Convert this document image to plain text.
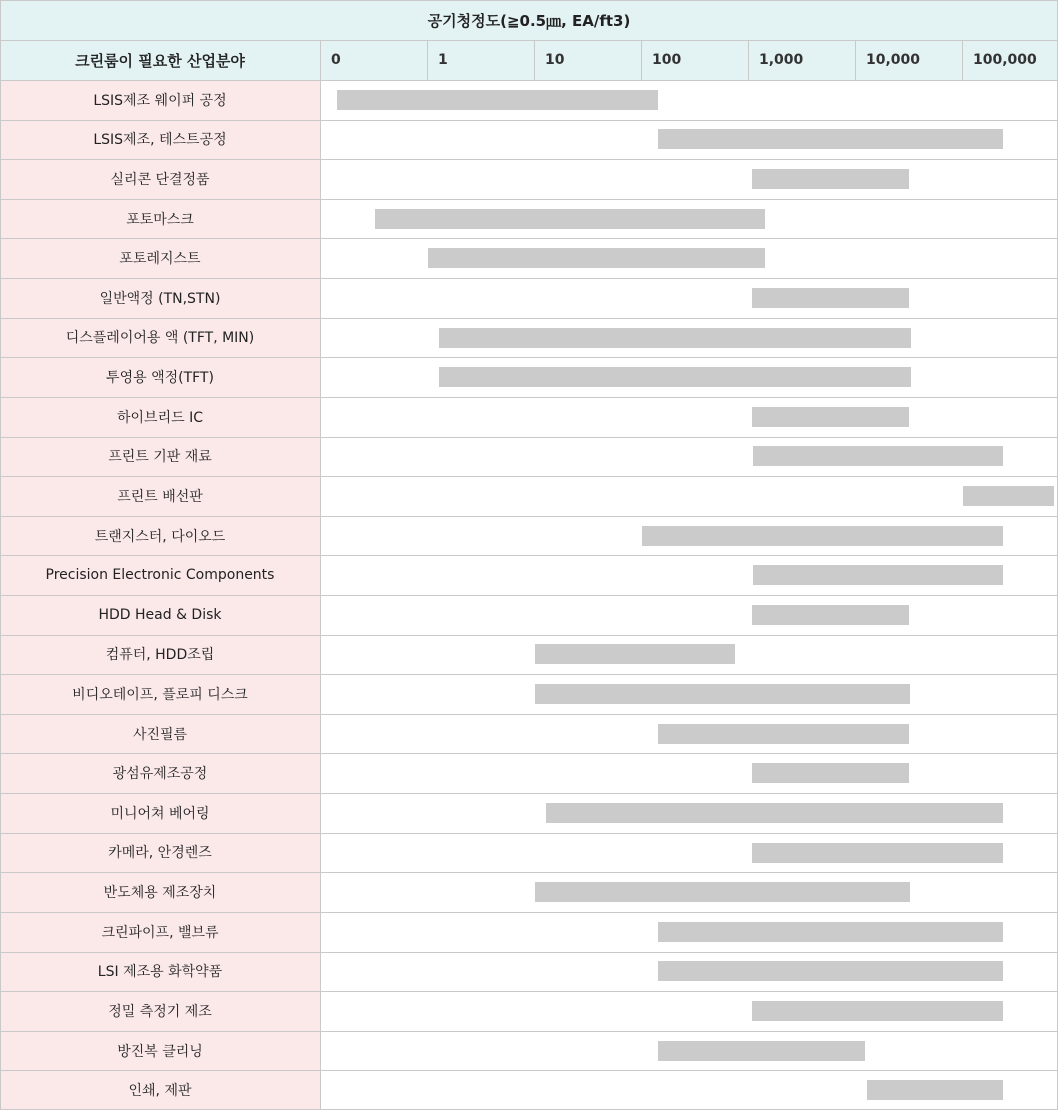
공기청정도(≧0.5㎛, EA/ft3)
크린룸이 필요한 산업분야	0	1	10	100	1,000	10,000	100,000
LSIS제조 웨이퍼 공정
LSIS제조, 테스트공정
실리콘 단결정품
포토마스크
포토레지스트
일반액정 (TN,STN)
디스플레이어용 액 (TFT, MIN)
투영용 액정(TFT)
하이브리드 IC
프린트 기판 재료
프린트 배선판
트랜지스터, 다이오드
Precision Electronic Components
HDD Head & Disk
컴퓨터, HDD조립
비디오테이프, 플로피 디스크
사진필름
광섬유제조공정
미니어쳐 베어링
카메라, 안경렌즈
반도체용 제조장치
크린파이프, 밸브류
LSI 제조용 화학약품
정밀 측정기 제조
방진복 클리닝
인쇄, 제판
